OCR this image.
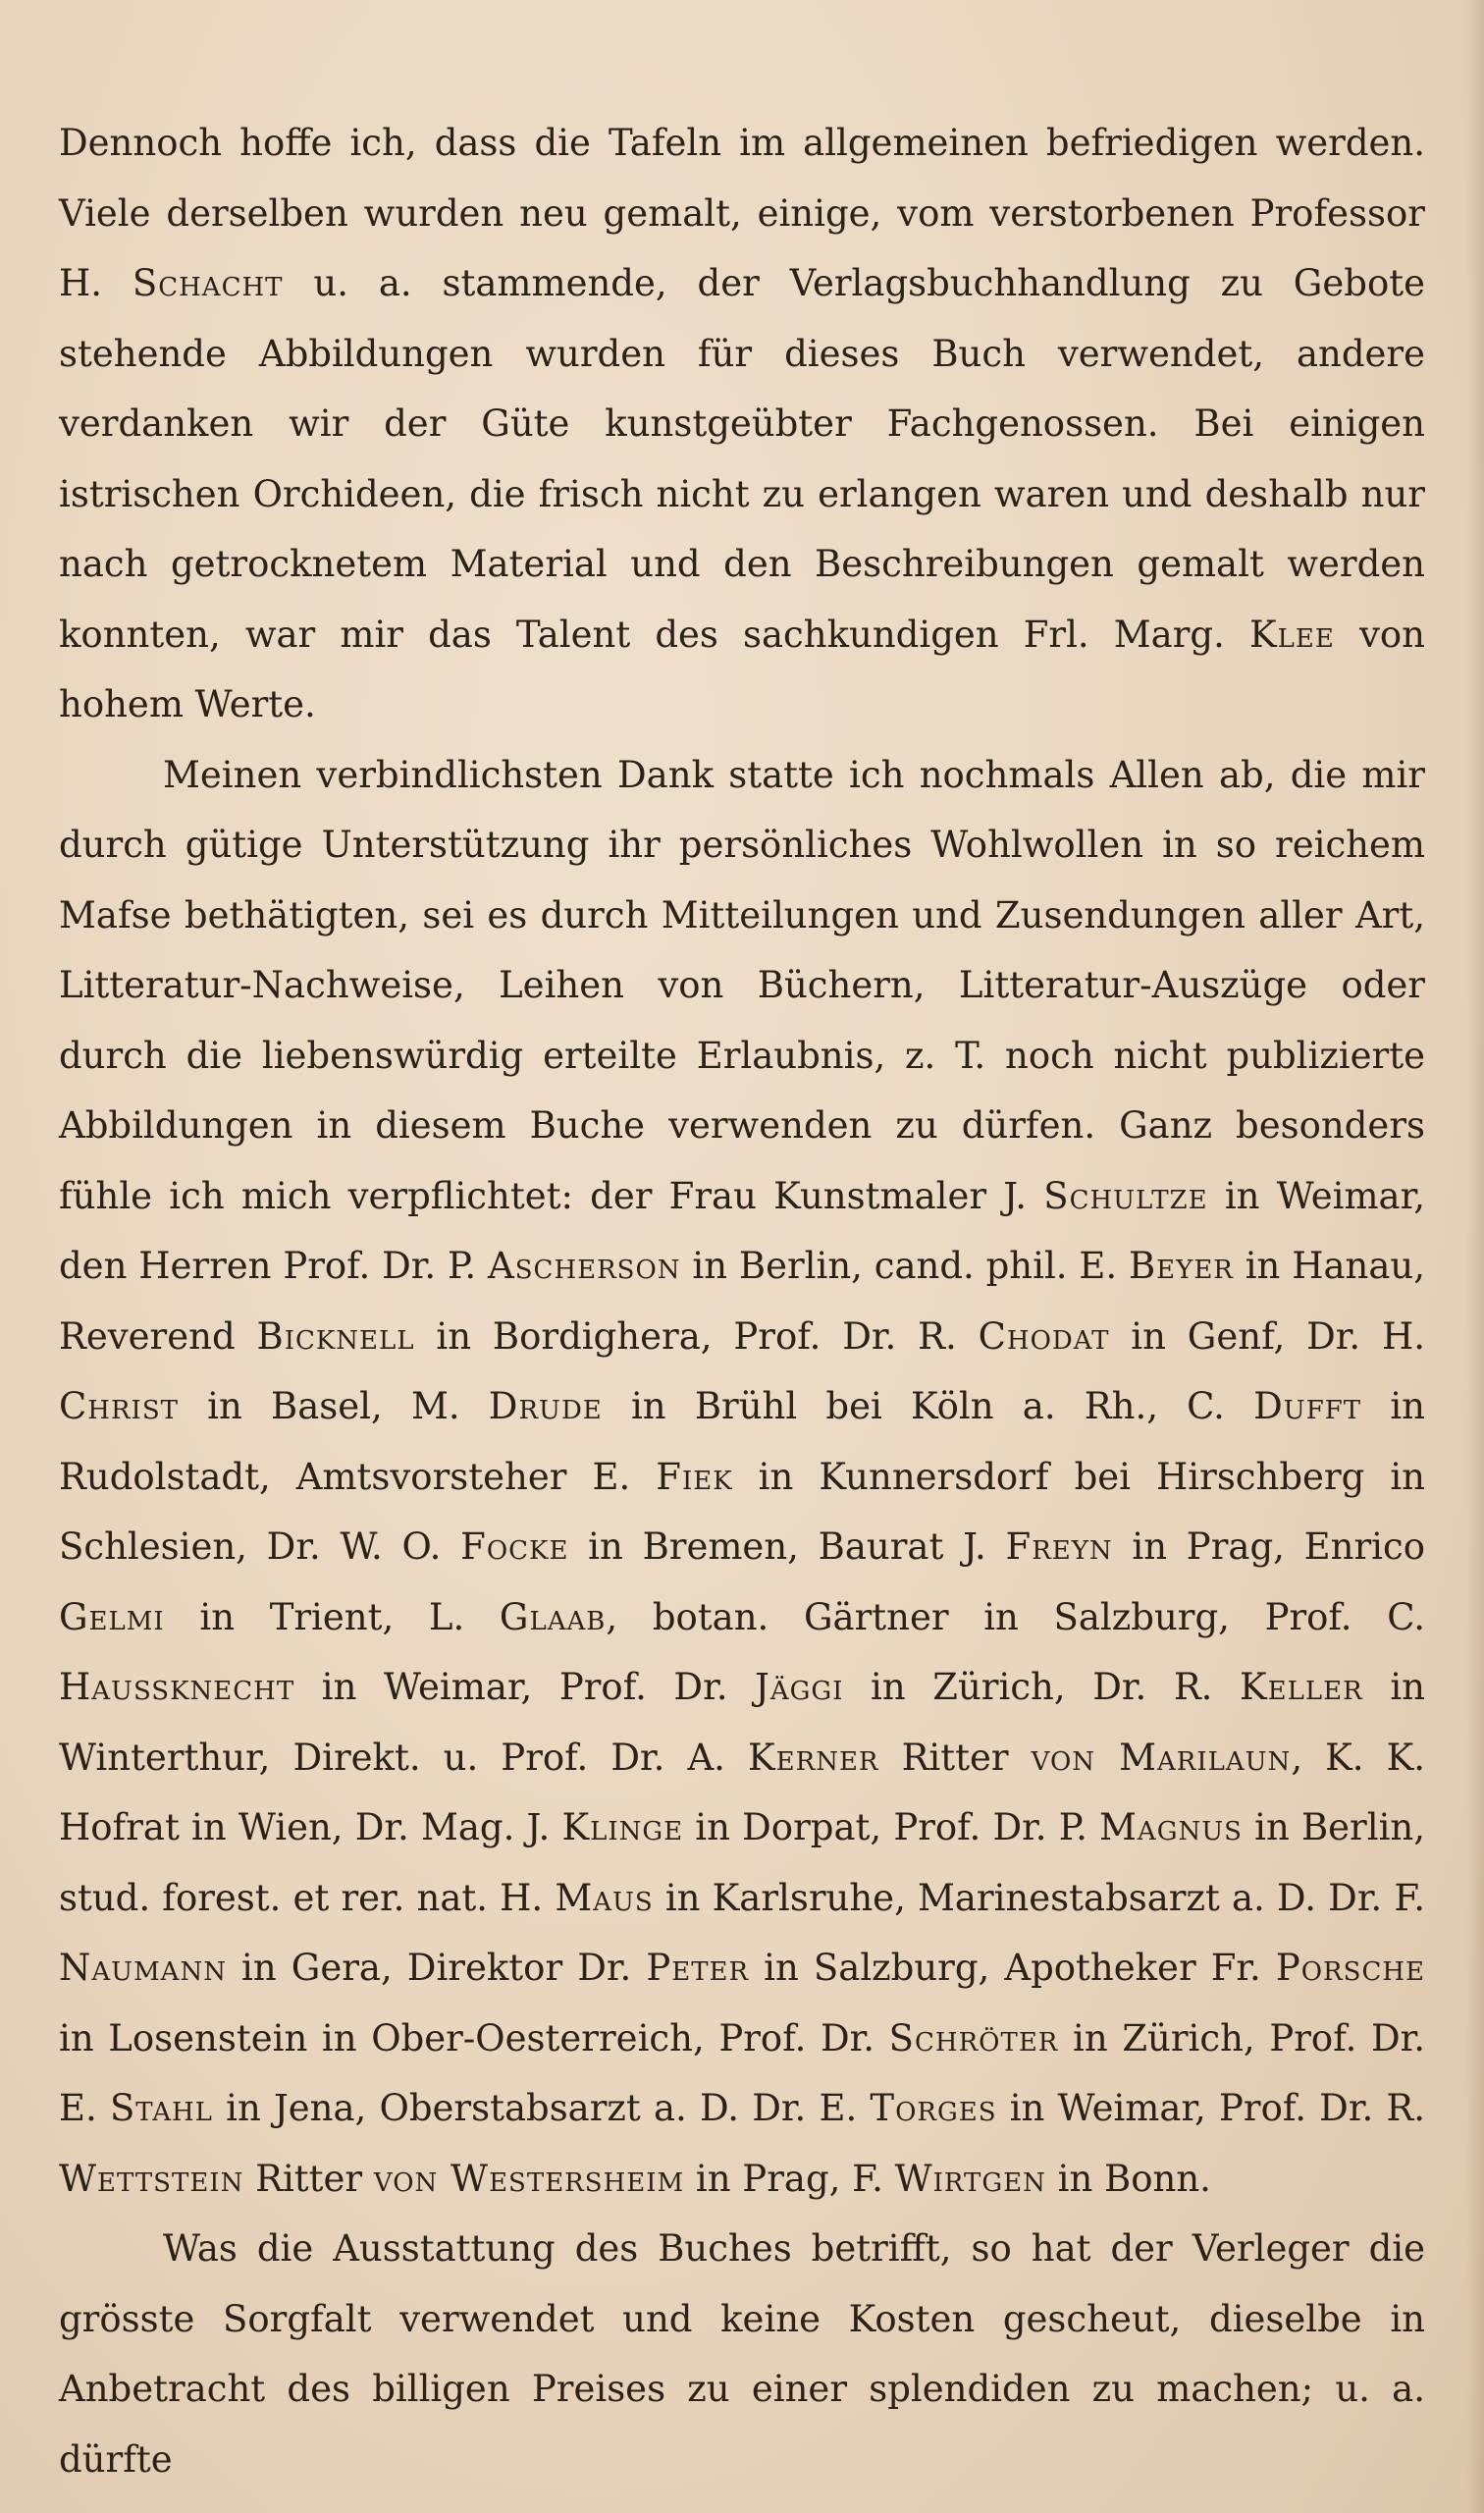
Dennoch hoffe ich, dass die Tafeln im allgemeinen befriedigen werden. Viele derselben wurden neu gemalt, einige, vom verstorbenen Professor H. Schacht u. a. stammende, der Verlagsbuchhandlung zu Gebote stehende Abbildungen wurden für dieses Buch verwendet, andere verdanken wir der Güte kunstgeübter Fachgenossen. Bei einigen istrischen Orchideen, die frisch nicht zu erlangen waren und deshalb nur nach getrocknetem Material und den Beschreibungen gemalt werden konnten, war mir das Talent des sachkundigen Frl. Marg. Klee von hohem Werte.

Meinen verbindlichsten Dank statte ich nochmals Allen ab, die mir durch gütige Unterstützung ihr persönliches Wohlwollen in so reichem Mafse bethätigten, sei es durch Mitteilungen und Zusendungen aller Art, Litteratur-Nachweise, Leihen von Büchern, Litteratur-Auszüge oder durch die liebenswürdig erteilte Erlaubnis, z. T. noch nicht publizierte Abbildungen in diesem Buche verwenden zu dürfen. Ganz besonders fühle ich mich verpflichtet: der Frau Kunstmaler J. Schultze in Weimar, den Herren Prof. Dr. P. Ascherson in Berlin, cand. phil. E. Beyer in Hanau, Reverend Bicknell in Bordighera, Prof. Dr. R. Chodat in Genf, Dr. H. Christ in Basel, M. Drude in Brühl bei Köln a. Rh., C. Dufft in Rudolstadt, Amtsvorsteher E. Fiek in Kunnersdorf bei Hirschberg in Schlesien, Dr. W. O. Focke in Bremen, Baurat J. Freyn in Prag, Enrico Gelmi in Trient, L. Glaab, botan. Gärtner in Salzburg, Prof. C. Haussknecht in Weimar, Prof. Dr. Jäggi in Zürich, Dr. R. Keller in Winterthur, Direkt. u. Prof. Dr. A. Kerner Ritter von Marilaun, K. K. Hofrat in Wien, Dr. Mag. J. Klinge in Dorpat, Prof. Dr. P. Magnus in Berlin, stud. forest. et rer. nat. H. Maus in Karlsruhe, Marinestabsarzt a. D. Dr. F. Naumann in Gera, Direktor Dr. Peter in Salzburg, Apotheker Fr. Porsche in Losenstein in Ober-Oesterreich, Prof. Dr. Schröter in Zürich, Prof. Dr. E. Stahl in Jena, Oberstabsarzt a. D. Dr. E. Torges in Weimar, Prof. Dr. R. Wettstein Ritter von Westersheim in Prag, F. Wirtgen in Bonn.

Was die Ausstattung des Buches betrifft, so hat der Verleger die grösste Sorgfalt verwendet und keine Kosten gescheut, dieselbe in Anbetracht des billigen Preises zu einer splendiden zu machen; u. a. dürfte
